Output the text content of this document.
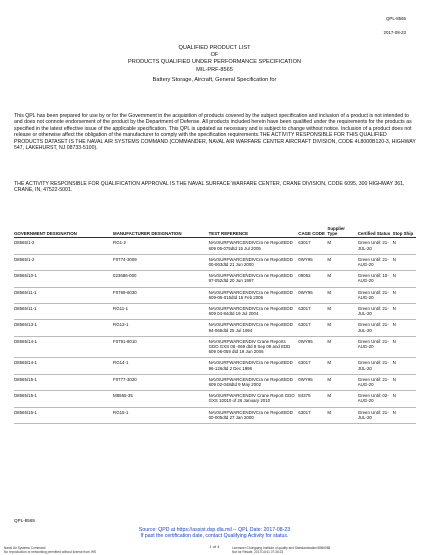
QPL-8565
2017-08-23
QUALIFIED PRODUCT LIST
OF
PRODUCTS QUALIFIED UNDER PERFORMANCE SPECIFICATION
MIL-PRF-8565
Battery Storage, Aircraft, General Specification for
This QPL has been prepared for use by or for the Government in the acquisition of products covered by the subject specification and inclusion of a product is not intended to and does not connote endorsement of the product by the Department of Defense. All products included herein have been qualified under the requirements for the products as specified in the latest effective issue of the applicable specification. This QPL is updated as necessary and is subject to change without notice. Inclusion of a product does not release or otherwise affect the obligation of the manufacturer to comply with the specification requirements.THE ACTIVITY RESPONSIBLE FOR THIS QUALIFIED PRODUCTS DATASET IS THE NAVAL AIR SYSTEMS COMMAND (COMMANDER, NAVAL AIR WARFARE CENTER AIRCRAFT DIVISION, CODE 4L8000B120-3, HIGHWAY 547, LAKEHURST, NJ 08733-5100).
THE ACTIVITY RESPONSIBLE FOR QUALIFICATION APPROVAL IS THE NAVAL SURFACE WARFARE CENTER, CRANE DIVISION, CODE 6095, 300 HIGHWAY 361, CRANE, IN, 47522-5001.
GOVERNMENT DESIGNATION	MANUFACTURER DESIGNATION	TEST REFERENCE	CAGE CODE	Supplier Type	Certified Status	Stop Ship
D8565/1-2	RG1-2	NAVSURFWARCENDIVCra ne ReportEDD 609 05-075dtd 15 Jul 2005	63017	M	Green Until: 21-JUL-20	N
D8565/1-2	F0774-3009	NAVSURFWARCENDIVCra ne ReportEDD 00-063dtd 21 Jun 2000	0WY95	M	Green Until: 21-AUG-20	N
D8565/10-1	023686-000	NAVSURFWARCENDIVCra ne ReportEDD 97-052dtd 20 Jun 1997	09052	M	Green Until: 10-AUG-20	N
D8565/11-1	F0769-6030	NAVSURFWARCENDIVCra ne ReportEDD 609-05-015dtd 15 Feb 2005	0WY95	M	Green Until: 21-AUG-20	N
D8565/11-1	RG11-1	NAVSURFWARCENDIVCra ne ReportEDD 609 04-84dtd 19 Jul 2004	63017	M	Green Until: 21-JUL-20	N
D8565/13-1	RG13-1	NAVSURFWARCENDIVCra ne ReportEDD 94-066dtd 25 Jul 1994	63017	M	Green Until: 21-JUL-20	N
D8565/14-1	F0791-8010	NAVSURFWARCENDIV Crane Reports GDO GXS 08 -069 dtd 8 Sep 08 and EDD 609 06-059 dtd 19 Jun 2006	0WY95	M	Green Until: 21-AUG-20	N
D8565/14-1	RG14-1	NAVSURFWARCENDIVCra ne ReportEDD 96-126dtd 2 Dec 1996	63017	M	Green Until: 21-JUL-20	N
D8565/15-1	F0777-3020	NAVSURFWARCENDIVCra ne ReportEDD 609 02-048dtd 9 May 2002	0WY95	M	Green Until: 21-AUG-20	N
D8565/15-1	M8565-35	NAVSURFWARCENDIV Crane Report GDO GXS 10010 of 26 January 2010	84375	M	Green Until: 02-AUG-20	N
D8565/15-1	RG15-1	NAVSURFWARCENDIVCra ne ReportEDD 00-005dtd 27 Jan 2000	63017	M	Green Until: 21-JUL-20	N
QPL-8565
Source: QPD at https://assist.dsp.dla.mil -- QPL Date: 2017-08-23
If past the certification date, contact Qualifying Activity for status.
1 of 4
Naval Air Systems Command
No reproduction or networking permitted without license from IHS
Licensee=Chongqing Institute of quality and Standardization/5966088
Not for Resale, 2017/10/11 07:36:23
